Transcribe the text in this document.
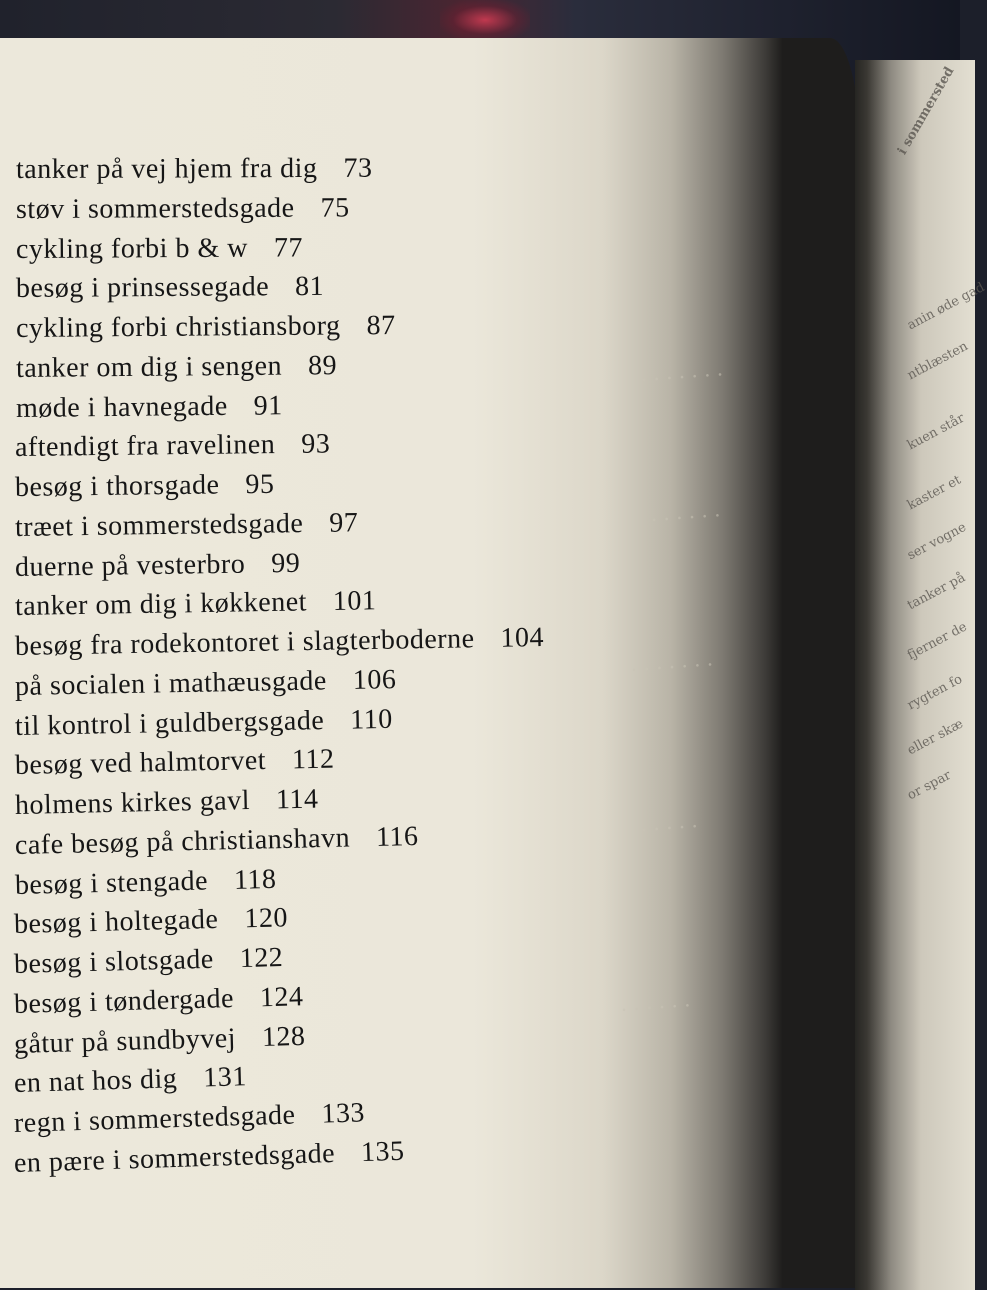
· · · · · · ·
· · · · · ·
· · · · · · ·
· · · · ·
· · · · · ·
i sommersted
anin øde gad
ntblæsten
kuen står
kaster et
ser vogne
tanker på
fjerner de
rygten fo
eller skæ
or spar
tanker på vej hjem fra dig 73
støv i sommerstedsgade 75
cykling forbi b & w 77
besøg i prinsessegade 81
cykling forbi christiansborg 87
tanker om dig i sengen 89
møde i havnegade 91
aftendigt fra ravelinen 93
besøg i thorsgade 95
træet i sommerstedsgade 97
duerne på vesterbro 99
tanker om dig i køkkenet 101
besøg fra rodekontoret i slagterboderne 104
på socialen i mathæusgade 106
til kontrol i guldbergsgade 110
besøg ved halmtorvet 112
holmens kirkes gavl 114
cafe besøg på christianshavn 116
besøg i stengade 118
besøg i holtegade 120
besøg i slotsgade 122
besøg i tøndergade 124
gåtur på sundbyvej 128
en nat hos dig 131
regn i sommerstedsgade 133
en pære i sommerstedsgade 135
